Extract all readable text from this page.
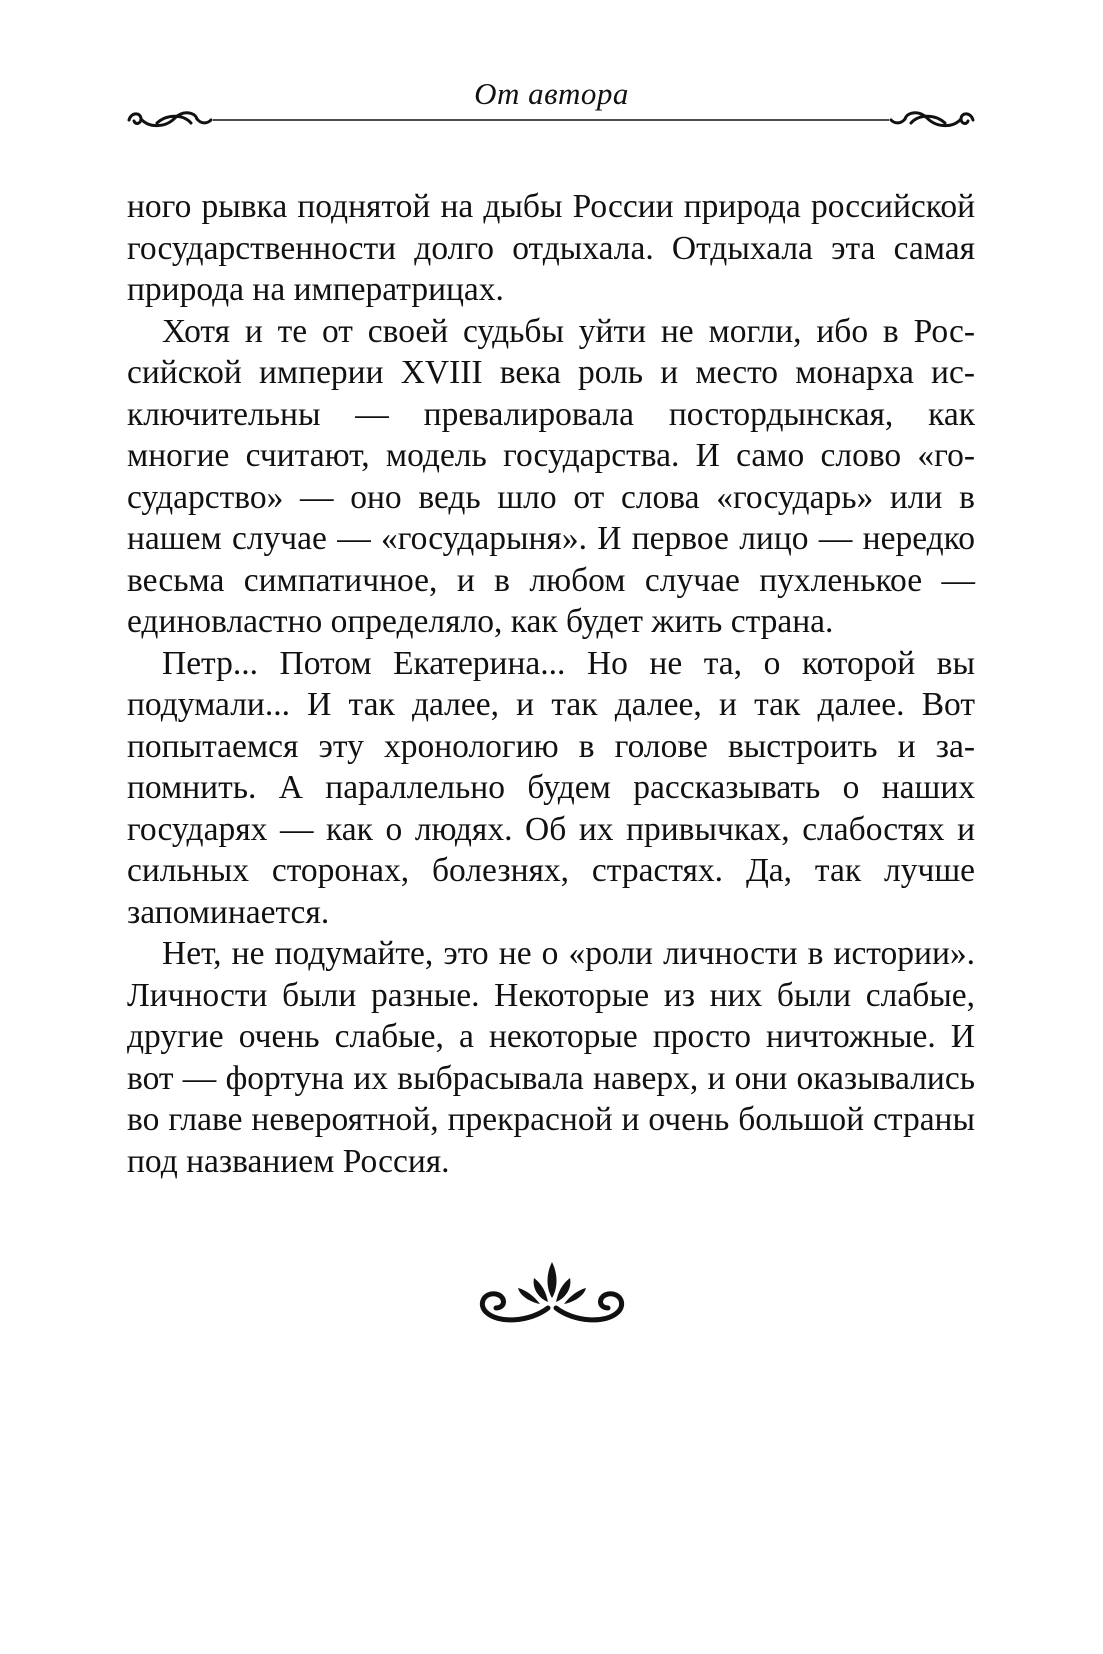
От автора

ного рывка поднятой на дыбы России природа российской государственности долго отдыхала. Отдыхала эта самая природа на императрицах.

Хотя и те от своей судьбы уйти не могли, ибо в Российской империи XVIII века роль и место монарха исключительны — превалировала постордынская, как многие считают, модель государства. И само слово «государство» — оно ведь шло от слова «государь» или в нашем случае — «государыня». И первое лицо — нередко весьма симпатичное, и в любом случае пухленькое — единовластно определяло, как будет жить страна.

Петр... Потом Екатерина... Но не та, о которой вы подумали... И так далее, и так далее, и так далее. Вот попытаемся эту хронологию в голове выстроить и запомнить. А параллельно будем рассказывать о наших государях — как о людях. Об их привычках, слабостях и сильных сторонах, болезнях, страстях. Да, так лучше запоминается.

Нет, не подумайте, это не о «роли личности в истории». Личности были разные. Некоторые из них были слабые, другие очень слабые, а некоторые просто ничтожные. И вот — фортуна их выбрасывала наверх, и они оказывались во главе невероятной, прекрасной и очень большой страны под названием Россия.
